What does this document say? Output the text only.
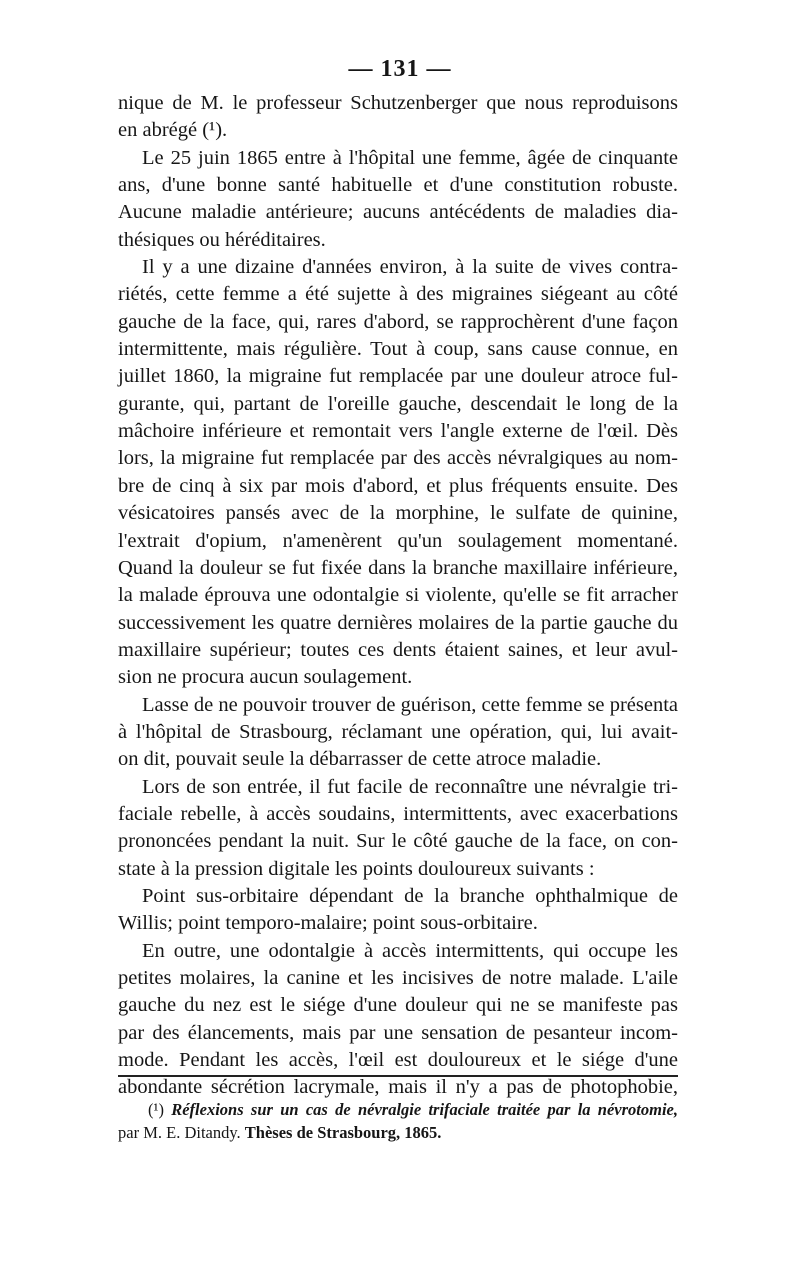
— 131 —
nique de M. le professeur Schutzenberger que nous reproduisons
en abrégé (¹).
Le 25 juin 1865 entre à l'hôpital une femme, âgée de cinquante
ans, d'une bonne santé habituelle et d'une constitution robuste.
Aucune maladie antérieure; aucuns antécédents de maladies dia-
thésiques ou héréditaires.
Il y a une dizaine d'années environ, à la suite de vives contra-
riétés, cette femme a été sujette à des migraines siégeant au côté
gauche de la face, qui, rares d'abord, se rapprochèrent d'une façon
intermittente, mais régulière. Tout à coup, sans cause connue, en
juillet 1860, la migraine fut remplacée par une douleur atroce ful-
gurante, qui, partant de l'oreille gauche, descendait le long de la
mâchoire inférieure et remontait vers l'angle externe de l'œil. Dès
lors, la migraine fut remplacée par des accès névralgiques au nom-
bre de cinq à six par mois d'abord, et plus fréquents ensuite. Des
vésicatoires pansés avec de la morphine, le sulfate de quinine,
l'extrait d'opium, n'amenèrent qu'un soulagement momentané.
Quand la douleur se fut fixée dans la branche maxillaire inférieure,
la malade éprouva une odontalgie si violente, qu'elle se fit arracher
successivement les quatre dernières molaires de la partie gauche du
maxillaire supérieur; toutes ces dents étaient saines, et leur avul-
sion ne procura aucun soulagement.
Lasse de ne pouvoir trouver de guérison, cette femme se présenta
à l'hôpital de Strasbourg, réclamant une opération, qui, lui avait-
on dit, pouvait seule la débarrasser de cette atroce maladie.
Lors de son entrée, il fut facile de reconnaître une névralgie tri-
faciale rebelle, à accès soudains, intermittents, avec exacerbations
prononcées pendant la nuit. Sur le côté gauche de la face, on con-
state à la pression digitale les points douloureux suivants :
Point sus-orbitaire dépendant de la branche ophthalmique de
Willis; point temporo-malaire; point sous-orbitaire.
En outre, une odontalgie à accès intermittents, qui occupe les
petites molaires, la canine et les incisives de notre malade. L'aile
gauche du nez est le siége d'une douleur qui ne se manifeste pas
par des élancements, mais par une sensation de pesanteur incom-
mode. Pendant les accès, l'œil est douloureux et le siége d'une
abondante sécrétion lacrymale, mais il n'y a pas de photophobie,
(¹) Réflexions sur un cas de névralgie trifaciale traitée par la névrotomie,
par M. E. Ditandy. Thèses de Strasbourg, 1865.
